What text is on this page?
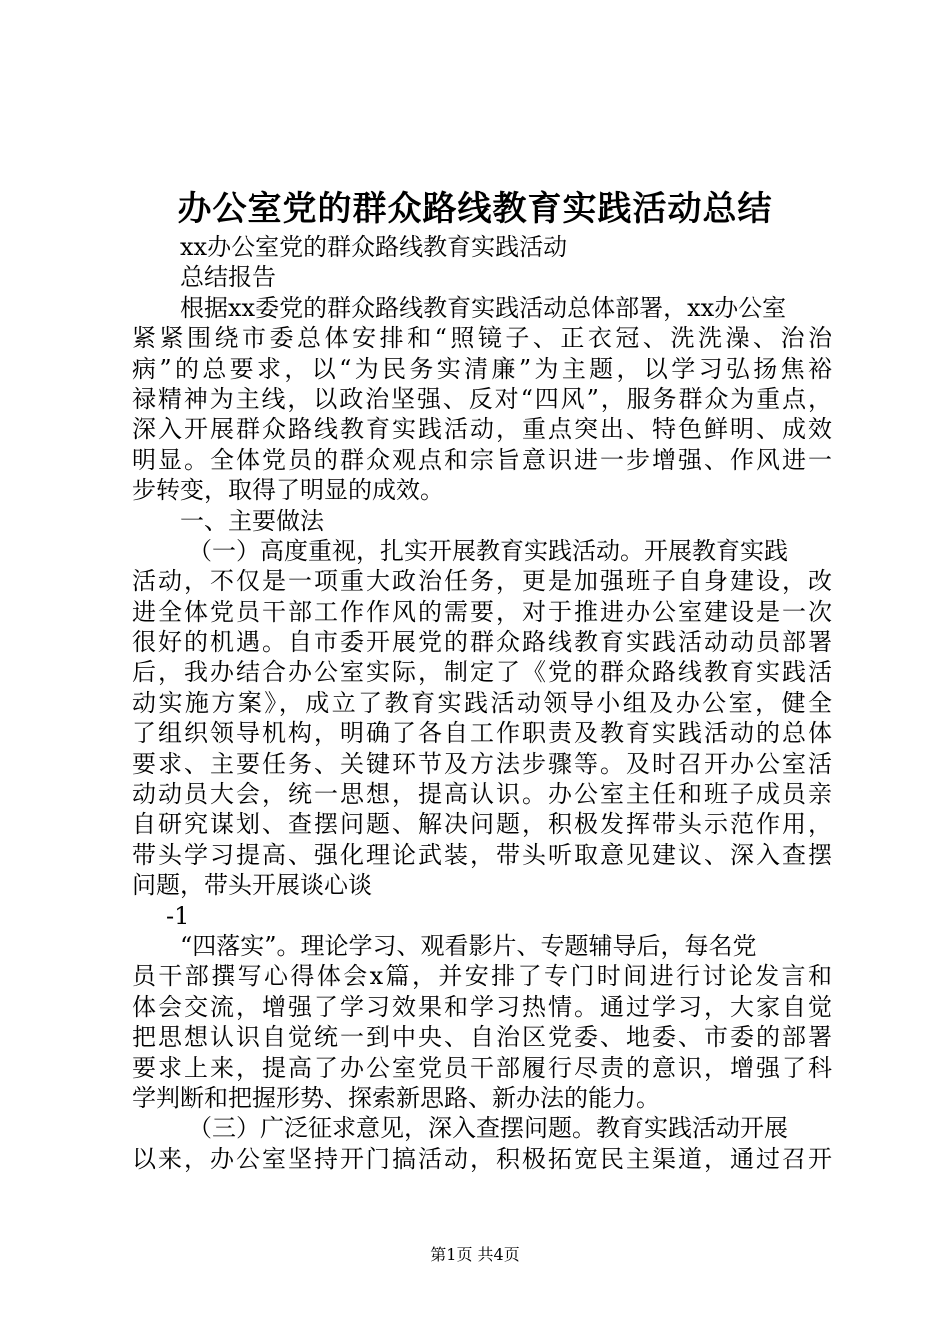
办公室党的群众路线教育实践活动总结
xx办公室党的群众路线教育实践活动
总结报告
根据xx委党的群众路线教育实践活动总体部署，xx办公室
紧紧围绕市委总体安排和“照镜子、正衣冠、洗洗澡、治治
病”的总要求，以“为民务实清廉”为主题，以学习弘扬焦裕
禄精神为主线，以政治坚强、反对“四风”，服务群众为重点，
深入开展群众路线教育实践活动，重点突出、特色鲜明、成效
明显。全体党员的群众观点和宗旨意识进一步增强、作风进一
步转变，取得了明显的成效。
一、主要做法
（一）高度重视，扎实开展教育实践活动。开展教育实践
活动，不仅是一项重大政治任务，更是加强班子自身建设，改
进全体党员干部工作作风的需要，对于推进办公室建设是一次
很好的机遇。自市委开展党的群众路线教育实践活动动员部署
后，我办结合办公室实际，制定了《党的群众路线教育实践活
动实施方案》，成立了教育实践活动领导小组及办公室，健全
了组织领导机构，明确了各自工作职责及教育实践活动的总体
要求、主要任务、关键环节及方法步骤等。及时召开办公室活
动动员大会，统一思想，提高认识。办公室主任和班子成员亲
自研究谋划、查摆问题、解决问题，积极发挥带头示范作用，
带头学习提高、强化理论武装，带头听取意见建议、深入查摆
问题，带头开展谈心谈
-1
“四落实”。理论学习、观看影片、专题辅导后，每名党
员干部撰写心得体会x篇，并安排了专门时间进行讨论发言和
体会交流，增强了学习效果和学习热情。通过学习，大家自觉
把思想认识自觉统一到中央、自治区党委、地委、市委的部署
要求上来，提高了办公室党员干部履行尽责的意识，增强了科
学判断和把握形势、探索新思路、新办法的能力。
（三）广泛征求意见，深入查摆问题。教育实践活动开展
以来，办公室坚持开门搞活动，积极拓宽民主渠道，通过召开
第1页 共4页
